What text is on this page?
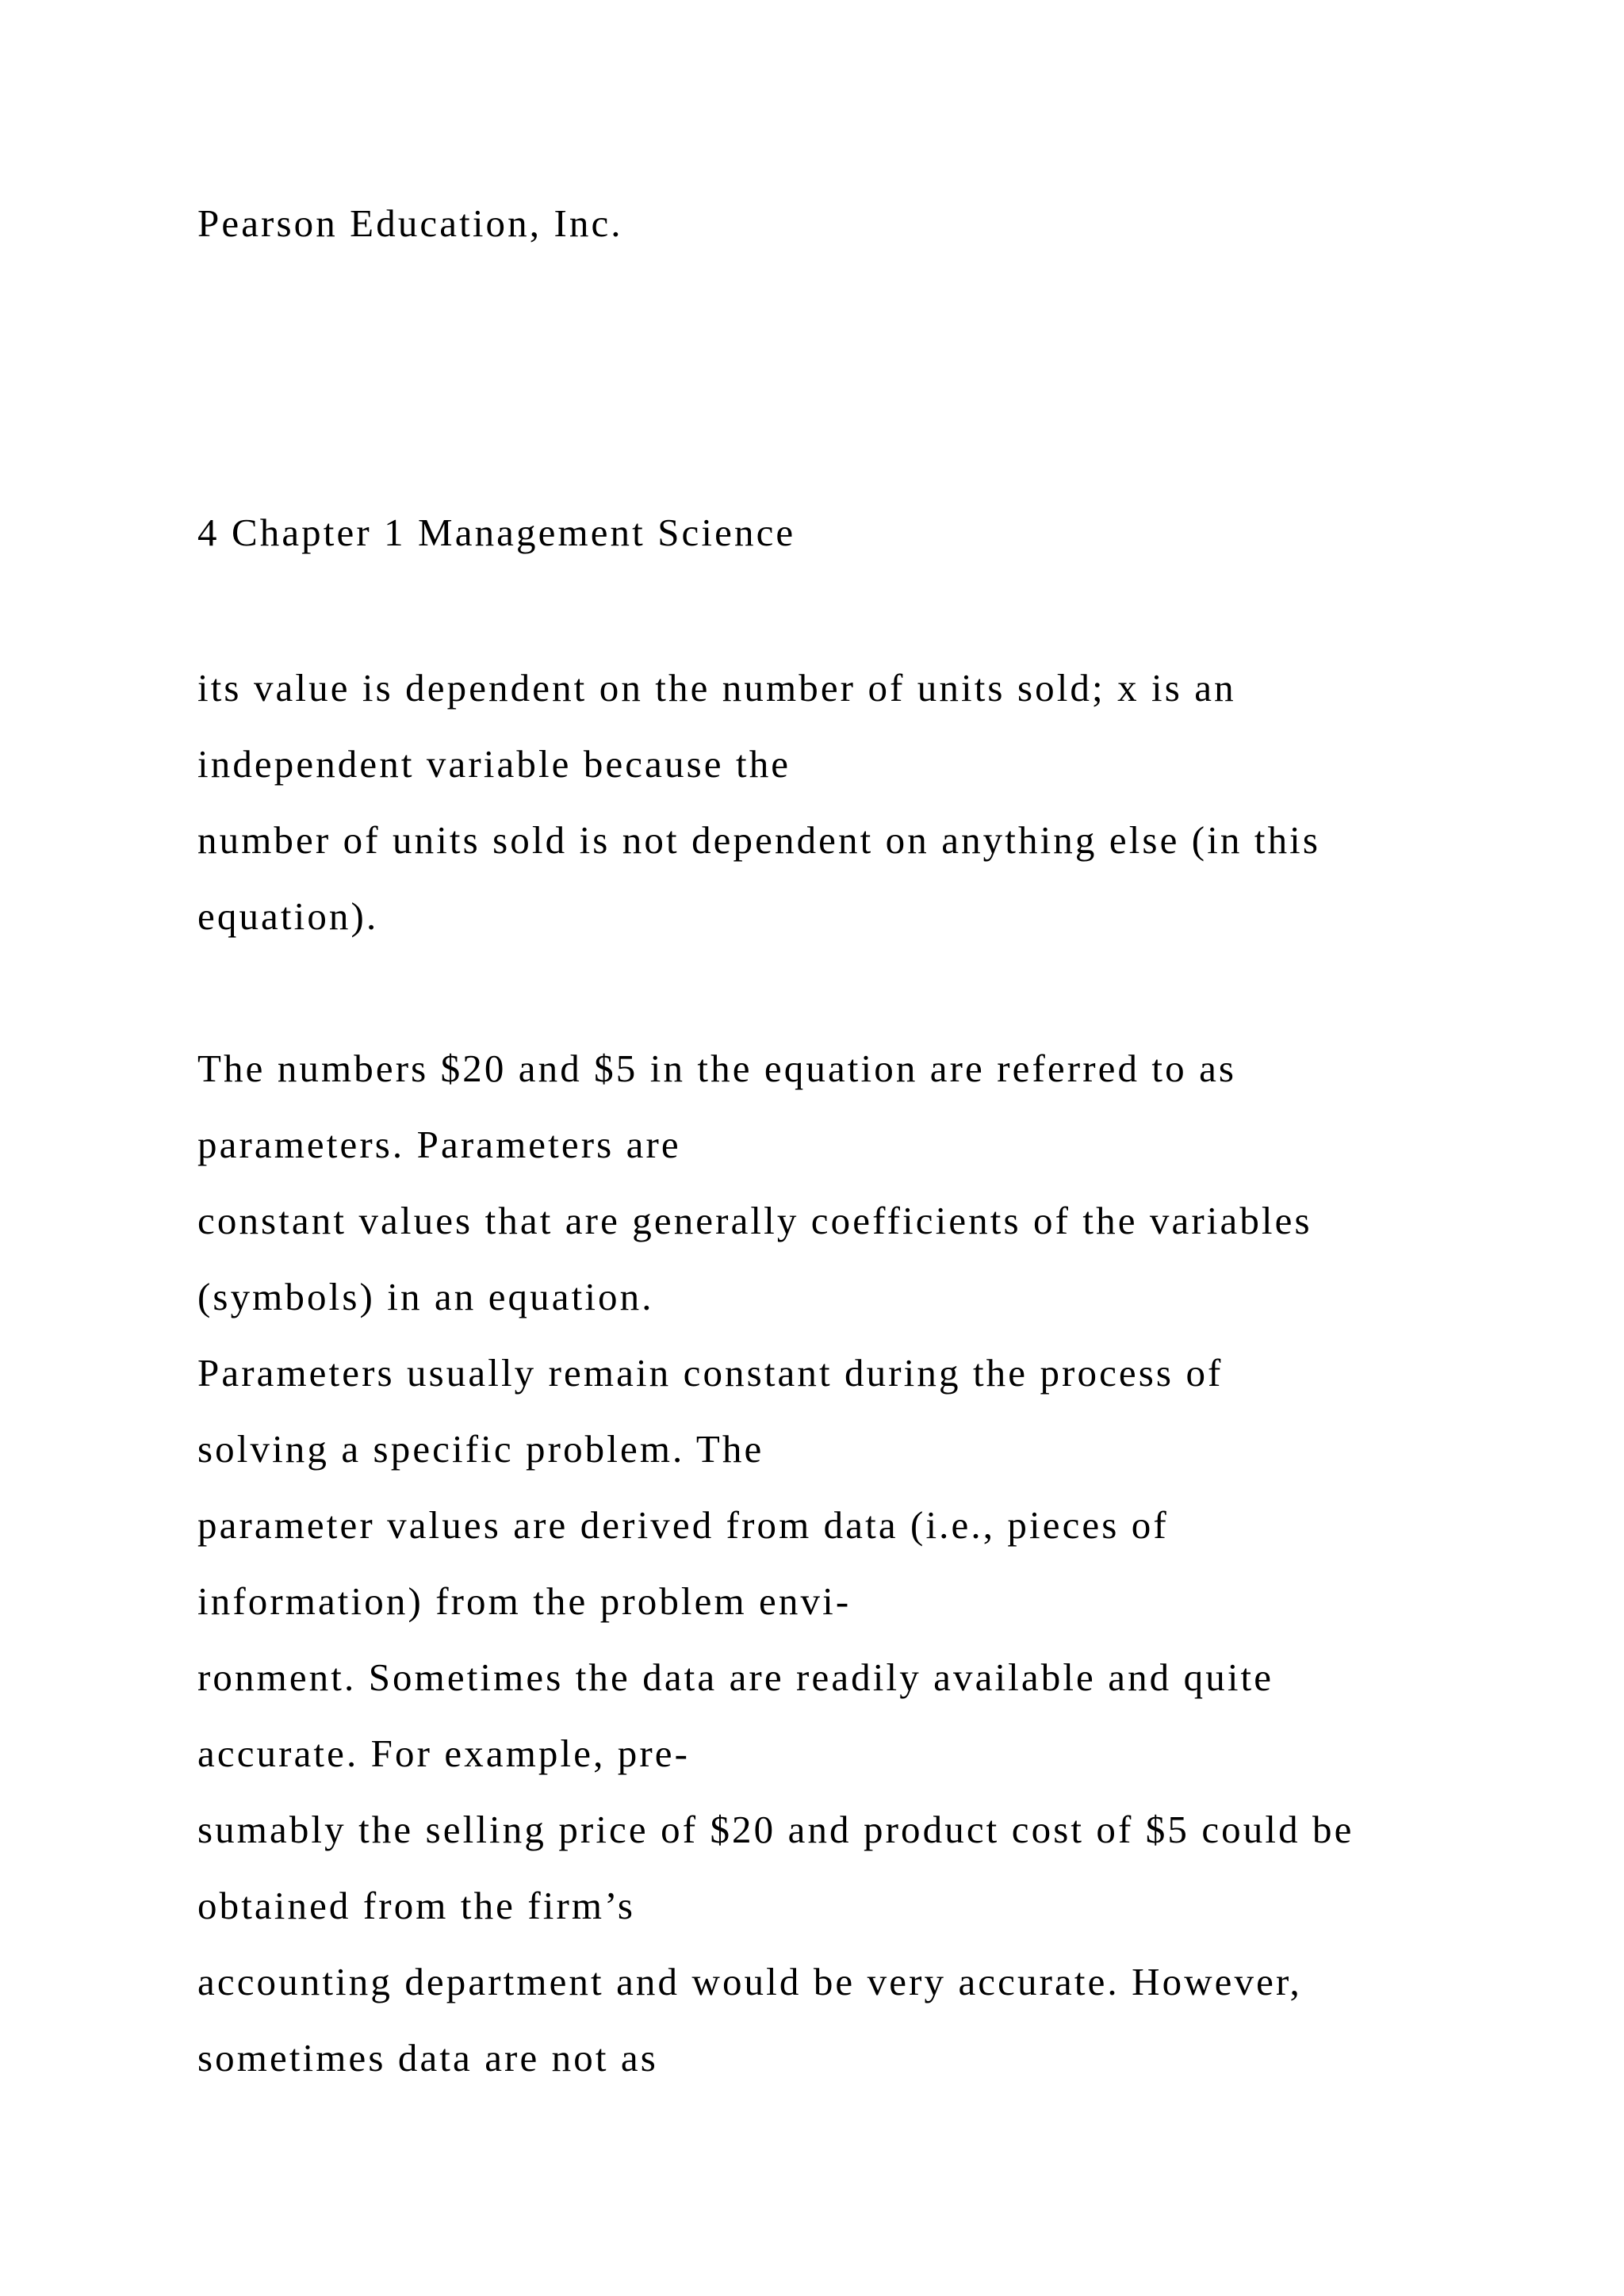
Pearson Education, Inc.

4 Chapter 1 Management Science

its value is dependent on the number of units sold; x is an

independent variable because the

number of units sold is not dependent on anything else (in this

equation).

The numbers $20 and $5 in the equation are referred to as

parameters. Parameters are

constant values that are generally coefficients of the variables

(symbols) in an equation.

Parameters usually remain constant during the process of

solving a specific problem. The

parameter values are derived from data (i.e., pieces of

information) from the problem envi-

ronment. Sometimes the data are readily available and quite

accurate. For example, pre-

sumably the selling price of $20 and product cost of $5 could be

obtained from the firm’s

accounting department and would be very accurate. However,

sometimes data are not as
